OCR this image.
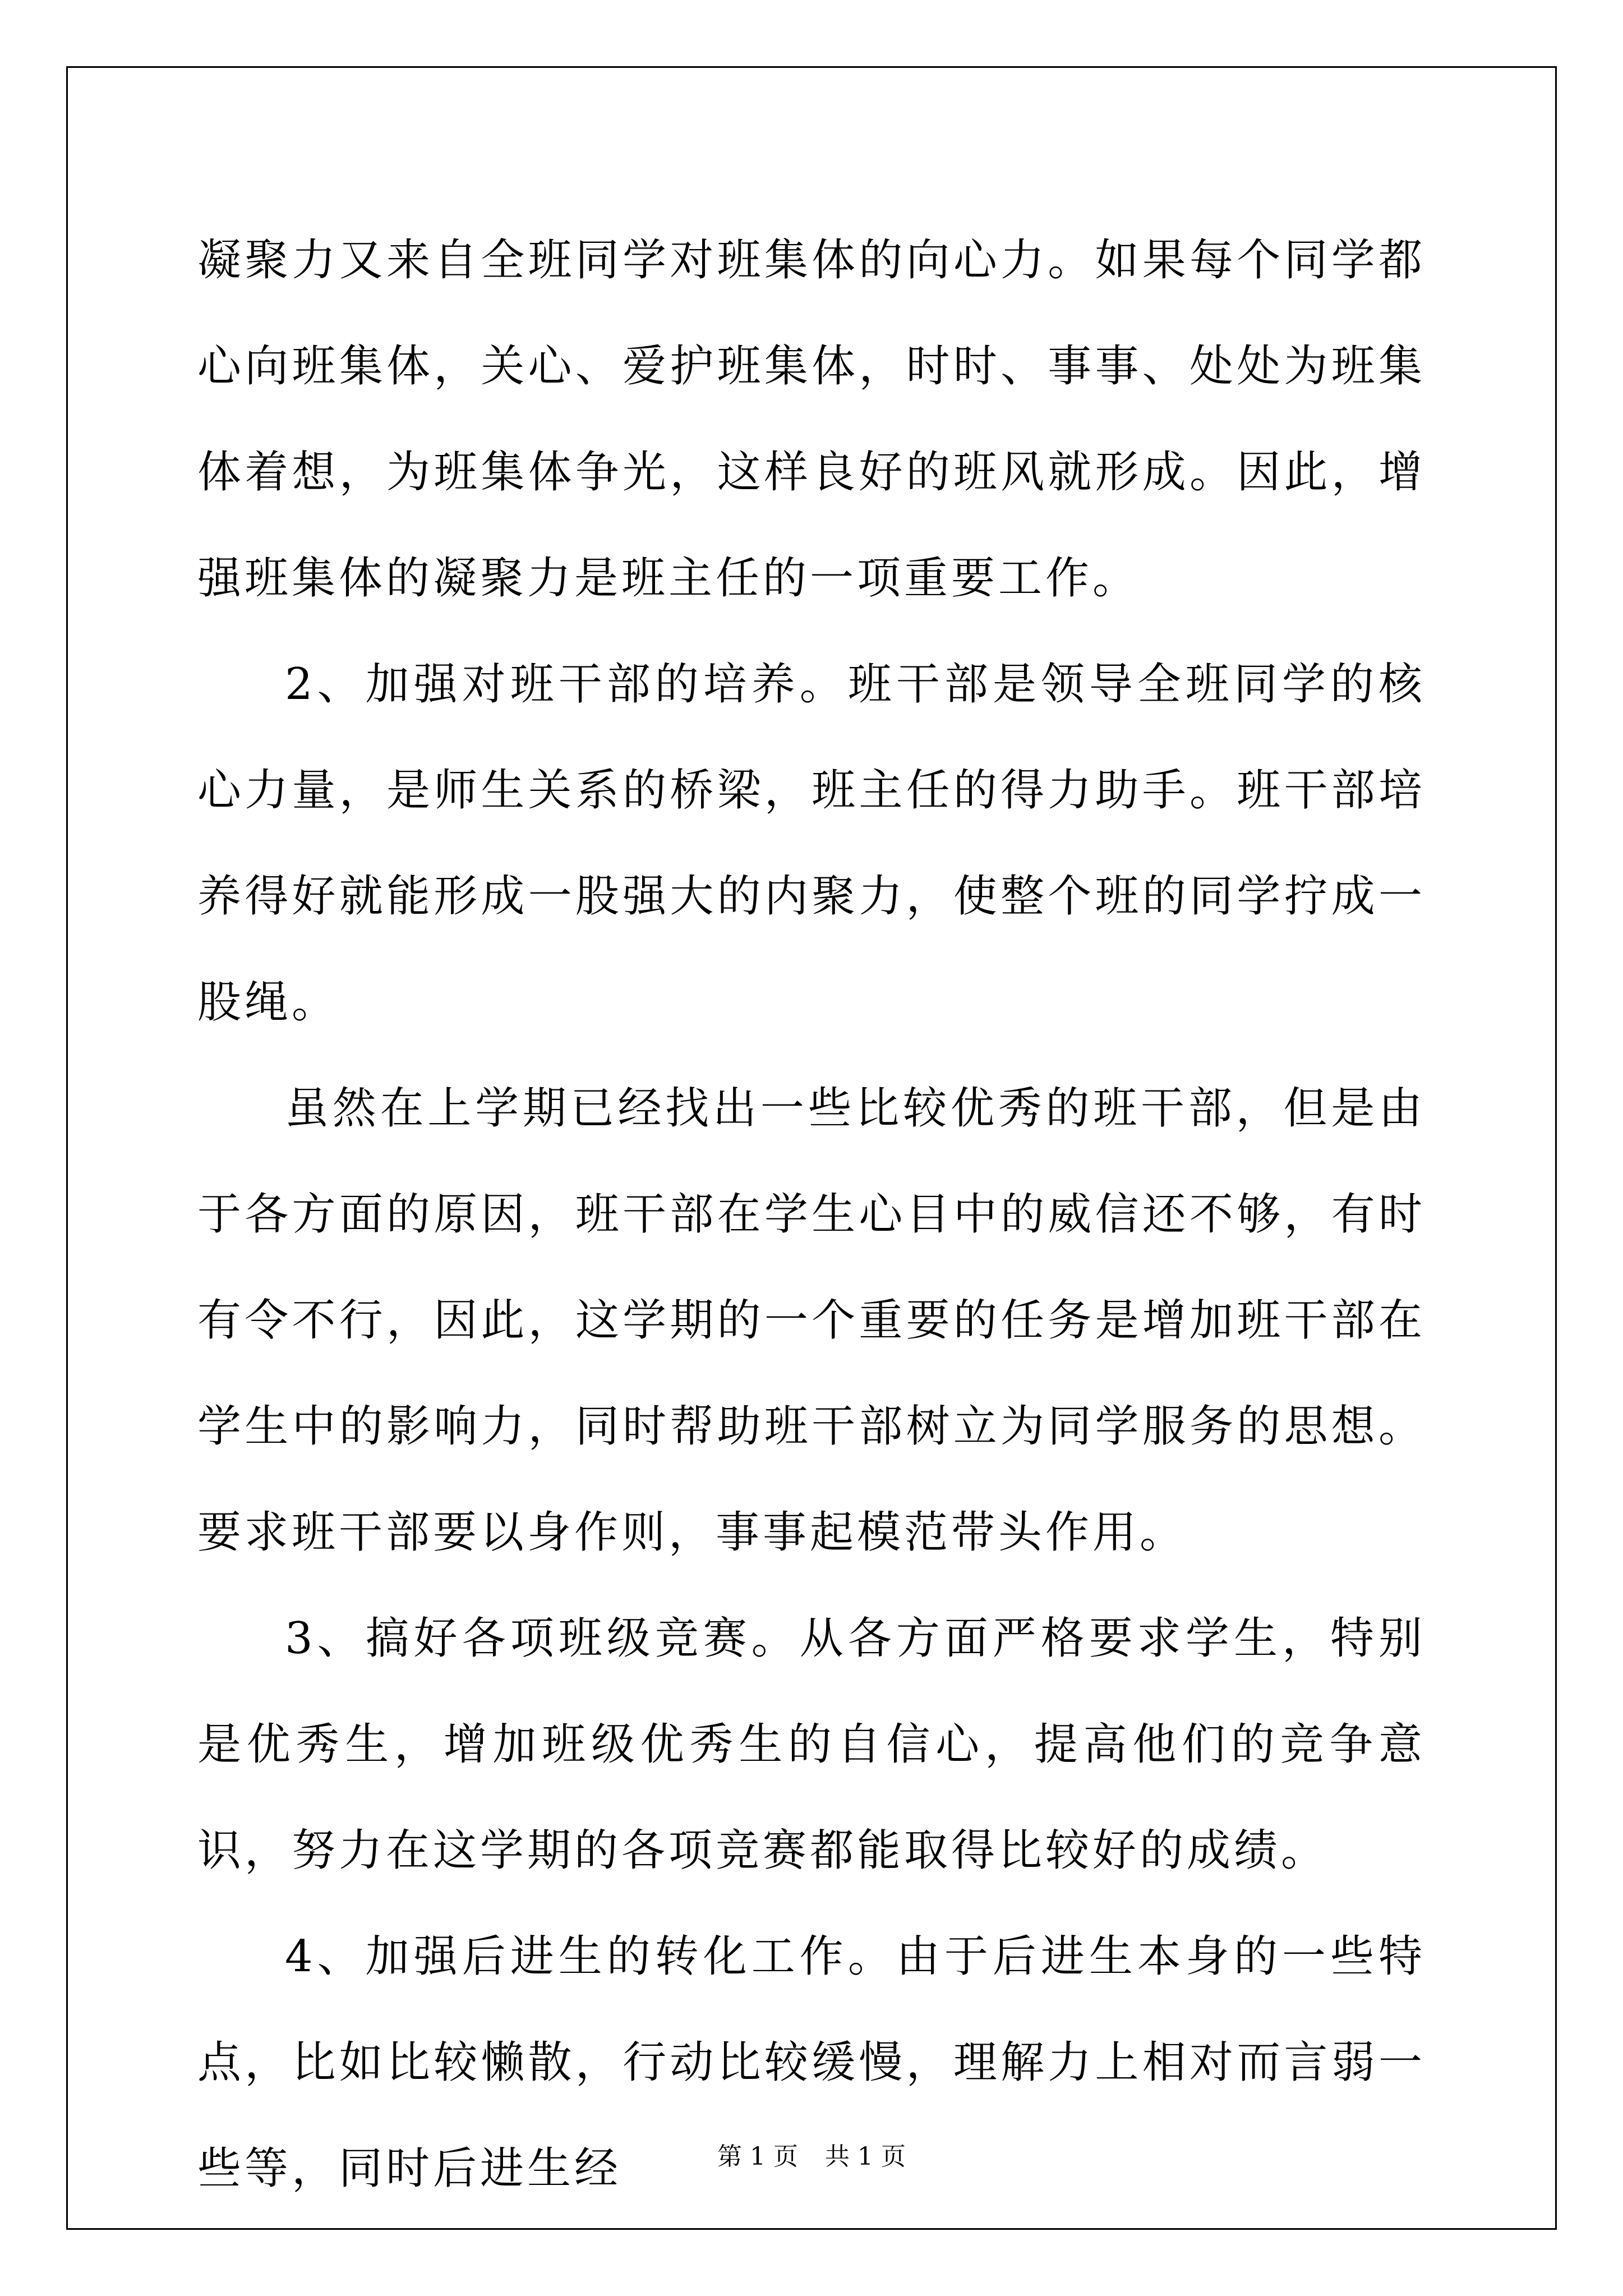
凝聚力又来自全班同学对班集体的向心力。如果每个同学都心向班集体，关心、爱护班集体，时时、事事、处处为班集体着想，为班集体争光，这样良好的班风就形成。因此，增强班集体的凝聚力是班主任的一项重要工作。

2、加强对班干部的培养。班干部是领导全班同学的核心力量，是师生关系的桥梁，班主任的得力助手。班干部培养得好就能形成一股强大的内聚力，使整个班的同学拧成一股绳。

虽然在上学期已经找出一些比较优秀的班干部，但是由于各方面的原因，班干部在学生心目中的威信还不够，有时有令不行，因此，这学期的一个重要的任务是增加班干部在学生中的影响力，同时帮助班干部树立为同学服务的思想。要求班干部要以身作则，事事起模范带头作用。

3、搞好各项班级竞赛。从各方面严格要求学生，特别是优秀生，增加班级优秀生的自信心，提高他们的竞争意识，努力在这学期的各项竞赛都能取得比较好的成绩。

4、加强后进生的转化工作。由于后进生本身的一些特点，比如比较懒散，行动比较缓慢，理解力上相对而言弱一些等，同时后进生经	第 1 页 共 1 页
